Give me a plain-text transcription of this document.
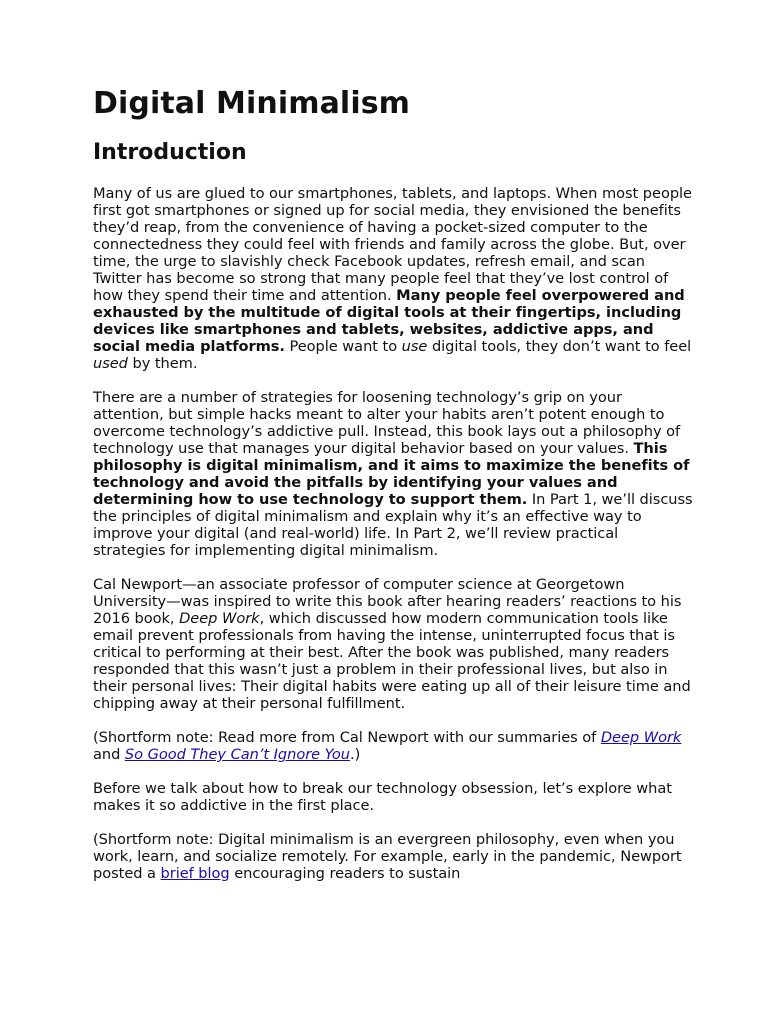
Digital Minimalism
Introduction

Many of us are glued to our smartphones, tablets, and laptops. When most people first got smartphones or signed up for social media, they envisioned the benefits they’d reap, from the convenience of having a pocket-sized computer to the connectedness they could feel with friends and family across the globe. But, over time, the urge to slavishly check Facebook updates, refresh email, and scan Twitter has become so strong that many people feel that they’ve lost control of how they spend their time and attention. Many people feel overpowered and exhausted by the multitude of digital tools at their fingertips, including devices like smartphones and tablets, websites, addictive apps, and social media platforms. People want to use digital tools, they don’t want to feel used by them.

There are a number of strategies for loosening technology’s grip on your attention, but simple hacks meant to alter your habits aren’t potent enough to overcome technology’s addictive pull. Instead, this book lays out a philosophy of technology use that manages your digital behavior based on your values. This philosophy is digital minimalism, and it aims to maximize the benefits of technology and avoid the pitfalls by identifying your values and determining how to use technology to support them. In Part 1, we’ll discuss the principles of digital minimalism and explain why it’s an effective way to improve your digital (and real-world) life. In Part 2, we’ll review practical strategies for implementing digital minimalism.

Cal Newport—an associate professor of computer science at Georgetown University—was inspired to write this book after hearing readers’ reactions to his 2016 book, Deep Work, which discussed how modern communication tools like email prevent professionals from having the intense, uninterrupted focus that is critical to performing at their best. After the book was published, many readers responded that this wasn’t just a problem in their professional lives, but also in their personal lives: Their digital habits were eating up all of their leisure time and chipping away at their personal fulfillment.

(Shortform note: Read more from Cal Newport with our summaries of Deep Work and So Good They Can’t Ignore You.)

Before we talk about how to break our technology obsession, let’s explore what makes it so addictive in the first place.

(Shortform note: Digital minimalism is an evergreen philosophy, even when you work, learn, and socialize remotely. For example, early in the pandemic, Newport posted a brief blog encouraging readers to sustain
